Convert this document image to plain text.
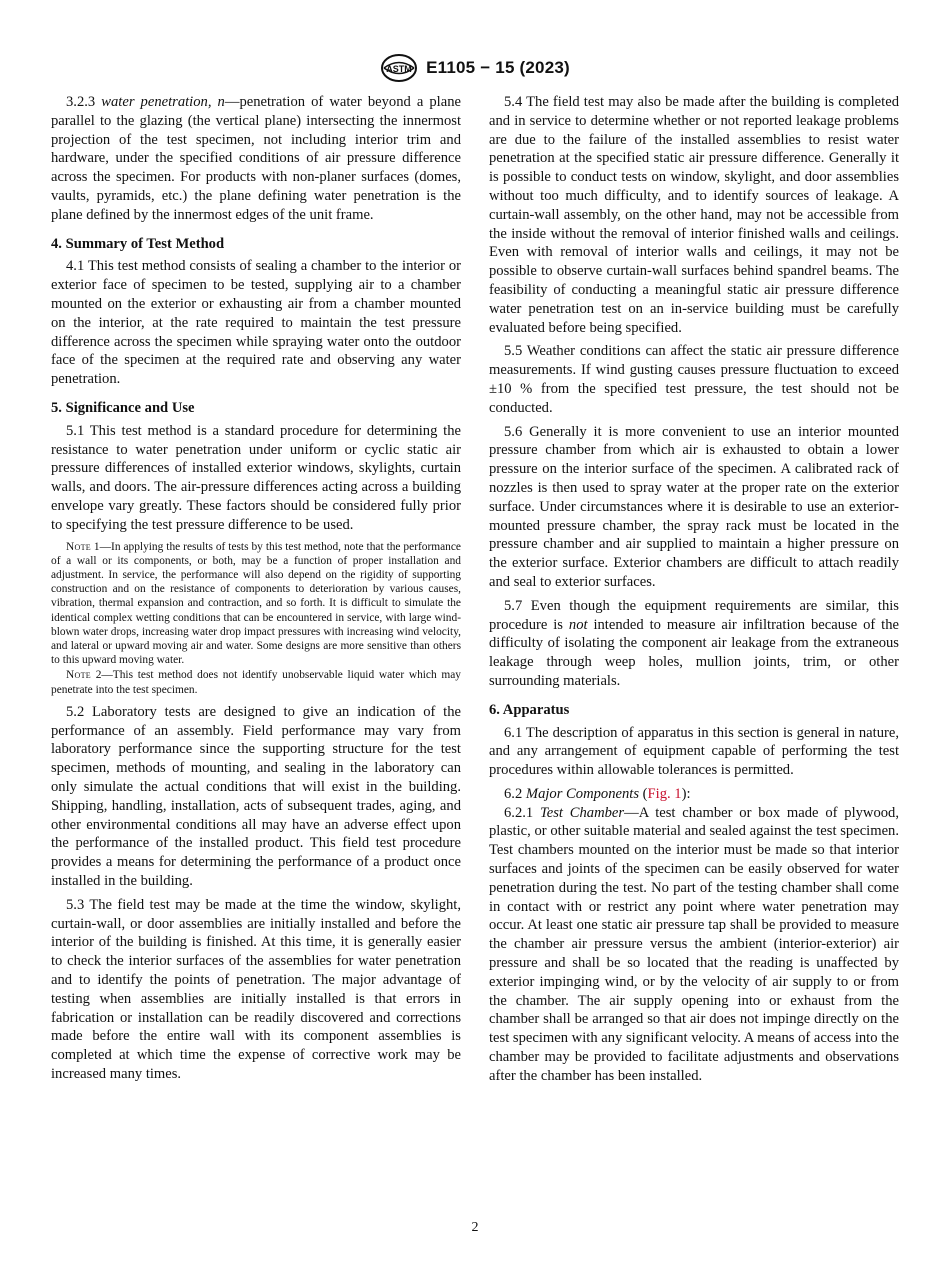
ASTM E1105 − 15 (2023)

3.2.3 water penetration, n—penetration of water beyond a plane parallel to the glazing (the vertical plane) intersecting the innermost projection of the test specimen, not including interior trim and hardware, under the specified conditions of air pressure difference across the specimen. For products with non-planer surfaces (domes, vaults, pyramids, etc.) the plane defining water penetration is the plane defined by the innermost edges of the unit frame.

4. Summary of Test Method

4.1 This test method consists of sealing a chamber to the interior or exterior face of specimen to be tested, supplying air to a chamber mounted on the exterior or exhausting air from a chamber mounted on the interior, at the rate required to maintain the test pressure difference across the specimen while spraying water onto the outdoor face of the specimen at the required rate and observing any water penetration.

5. Significance and Use

5.1 This test method is a standard procedure for determining the resistance to water penetration under uniform or cyclic static air pressure differences of installed exterior windows, skylights, curtain walls, and doors. The air-pressure differences acting across a building envelope vary greatly. These factors should be considered fully prior to specifying the test pressure difference to be used.

Note 1—In applying the results of tests by this test method, note that the performance of a wall or its components, or both, may be a function of proper installation and adjustment. In service, the performance will also depend on the rigidity of supporting construction and on the resistance of components to deterioration by various causes, vibration, thermal expansion and contraction, and so forth. It is difficult to simulate the identical complex wetting conditions that can be encountered in service, with large wind-blown water drops, increasing water drop impact pressures with increasing wind velocity, and lateral or upward moving air and water. Some designs are more sensitive than others to this upward moving water.

Note 2—This test method does not identify unobservable liquid water which may penetrate into the test specimen.

5.2 Laboratory tests are designed to give an indication of the performance of an assembly. Field performance may vary from laboratory performance since the supporting structure for the test specimen, methods of mounting, and sealing in the laboratory can only simulate the actual conditions that will exist in the building. Shipping, handling, installation, acts of subsequent trades, aging, and other environmental conditions all may have an adverse effect upon the performance of the installed product. This field test procedure provides a means for determining the performance of a product once installed in the building.

5.3 The field test may be made at the time the window, skylight, curtain-wall, or door assemblies are initially installed and before the interior of the building is finished. At this time, it is generally easier to check the interior surfaces of the assemblies for water penetration and to identify the points of penetration. The major advantage of testing when assemblies are initially installed is that errors in fabrication or installation can be readily discovered and corrections made before the entire wall with its component assemblies is completed at which time the expense of corrective work may be increased many times.

5.4 The field test may also be made after the building is completed and in service to determine whether or not reported leakage problems are due to the failure of the installed assemblies to resist water penetration at the specified static air pressure difference. Generally it is possible to conduct tests on window, skylight, and door assemblies without too much difficulty, and to identify sources of leakage. A curtain-wall assembly, on the other hand, may not be accessible from the inside without the removal of interior finished walls and ceilings. Even with removal of interior walls and ceilings, it may not be possible to observe curtain-wall surfaces behind spandrel beams. The feasibility of conducting a meaningful static air pressure difference water penetration test on an in-service building must be carefully evaluated before being specified.

5.5 Weather conditions can affect the static air pressure difference measurements. If wind gusting causes pressure fluctuation to exceed ±10 % from the specified test pressure, the test should not be conducted.

5.6 Generally it is more convenient to use an interior mounted pressure chamber from which air is exhausted to obtain a lower pressure on the interior surface of the specimen. A calibrated rack of nozzles is then used to spray water at the proper rate on the exterior surface. Under circumstances where it is desirable to use an exterior-mounted pressure chamber, the spray rack must be located in the pressure chamber and air supplied to maintain a higher pressure on the exterior surface. Exterior chambers are difficult to attach readily and seal to exterior surfaces.

5.7 Even though the equipment requirements are similar, this procedure is not intended to measure air infiltration because of the difficulty of isolating the component air leakage from the extraneous leakage through weep holes, mullion joints, trim, or other surrounding materials.

6. Apparatus

6.1 The description of apparatus in this section is general in nature, and any arrangement of equipment capable of performing the test procedures within allowable tolerances is permitted.

6.2 Major Components (Fig. 1):

6.2.1 Test Chamber—A test chamber or box made of plywood, plastic, or other suitable material and sealed against the test specimen. Test chambers mounted on the interior must be made so that interior surfaces and joints of the specimen can be easily observed for water penetration during the test. No part of the testing chamber shall come in contact with or restrict any point where water penetration may occur. At least one static air pressure tap shall be provided to measure the chamber air pressure versus the ambient (interior-exterior) air pressure and shall be so located that the reading is unaffected by exterior impinging wind, or by the velocity of air supply to or from the chamber. The air supply opening into or exhaust from the chamber shall be arranged so that air does not impinge directly on the test specimen with any significant velocity. A means of access into the chamber may be provided to facilitate adjustments and observations after the chamber has been installed.

2
